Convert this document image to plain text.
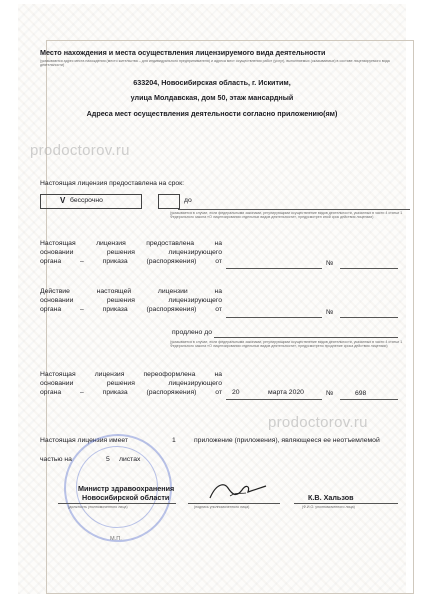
Место нахождения и места осуществления лицензируемого вида деятельности
(указываются адрес места нахождения (место жительства – для индивидуального предпринимателя) и адреса мест осуществления работ (услуг), выполняемых (оказываемых) в составе лицензируемого вида деятельности)
633204, Новосибирская область, г. Искитим,
улица Молдавская, дом 50, этаж мансардный
Адреса мест осуществления деятельности согласно приложению(ям)
prodoctorov.ru
Настоящая лицензия предоставлена на срок:
V бессрочно	до
(указывается в случае, если федеральными законами, регулирующими осуществление видов деятельности, указанных в части 4 статьи 1 Федерального закона «О лицензировании отдельных видов деятельности», предусмотрен иной срок действия лицензии)
Настоящая лицензия предоставлена на
основании решения лицензирующего
органа – приказа (распоряжения) от	№
Действие настоящей лицензии на
основании решения лицензирующего
органа – приказа (распоряжения) от	№
продлено до
(указывается в случае, если федеральными законами, регулирующими осуществление видов деятельности, указанных в части 4 статьи 1 Федерального закона «О лицензировании отдельных видов деятельности», предусмотрено продление срока действия лицензии)
Настоящая лицензия переоформлена на
основании решения лицензирующего
органа – приказа (распоряжения) от 20	марта 2020	№	698
prodoctorov.ru
Настоящая лицензия имеет	1	приложение (приложения), являющееся ее неотъемлемой
частью на	5 листах
Министр здравоохранения
Новосибирской области
(должность уполномоченного лица)	(подпись уполномоченного лица)
К.В. Хальзов
(Ф.И.О. уполномоченного лица)
М.П.
